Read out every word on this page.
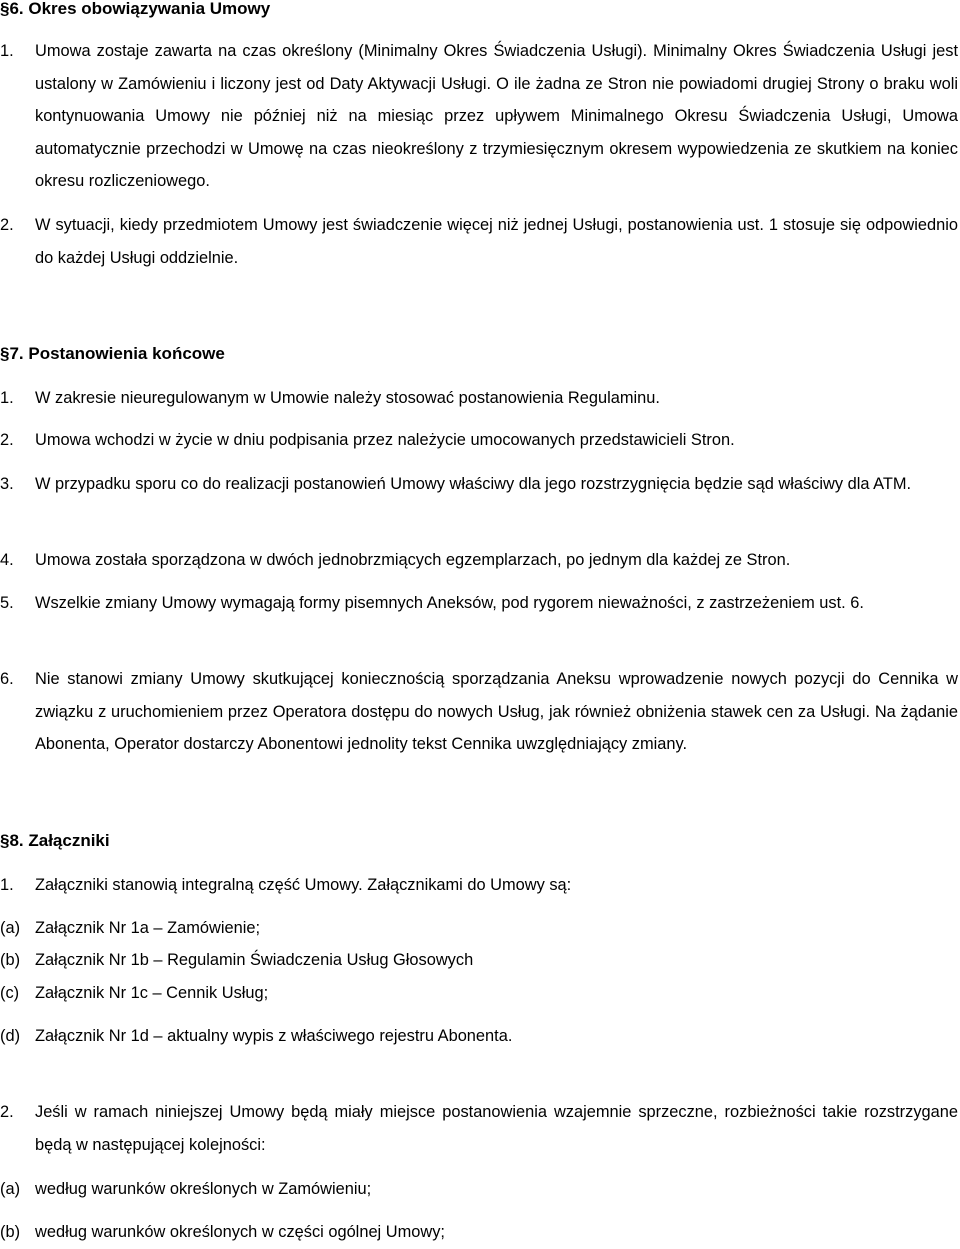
§6. Okres obowiązywania Umowy
1.	Umowa zostaje zawarta na czas określony (Minimalny Okres Świadczenia Usługi). Minimalny Okres Świadczenia Usługi jest ustalony w Zamówieniu i liczony jest od Daty Aktywacji Usługi. O ile żadna ze Stron nie powiadomi drugiej Strony o braku woli kontynuowania Umowy nie później niż na miesiąc przez upływem Minimalnego Okresu Świadczenia Usługi, Umowa automatycznie przechodzi w Umowę na czas nieokreślony z trzymiesięcznym okresem wypowiedzenia ze skutkiem na koniec okresu rozliczeniowego.
2.	W sytuacji, kiedy przedmiotem Umowy jest świadczenie więcej niż jednej Usługi, postanowienia ust. 1 stosuje się odpowiednio do każdej Usługi oddzielnie.
§7. Postanowienia końcowe
1.	W zakresie nieuregulowanym w Umowie należy stosować postanowienia Regulaminu.
2.	Umowa wchodzi w życie w dniu podpisania przez należycie umocowanych przedstawicieli Stron.
3.	W przypadku sporu co do realizacji postanowień Umowy właściwy dla jego rozstrzygnięcia będzie sąd właściwy dla ATM.
4.	Umowa została sporządzona w dwóch jednobrzmiących egzemplarzach, po jednym dla każdej ze Stron.
5.	Wszelkie zmiany Umowy wymagają formy pisemnych Aneksów, pod rygorem nieważności, z zastrzeżeniem ust. 6.
6.	Nie stanowi zmiany Umowy skutkującej koniecznością sporządzania Aneksu wprowadzenie nowych pozycji do Cennika w związku z uruchomieniem przez Operatora dostępu do nowych Usług, jak również obniżenia stawek cen za Usługi. Na żądanie Abonenta, Operator dostarczy Abonentowi jednolity tekst Cennika uwzględniający zmiany.
§8. Załączniki
1.	Załączniki stanowią integralną część Umowy. Załącznikami do Umowy są:
(a) Załącznik Nr 1a – Zamówienie;
(b) Załącznik Nr 1b – Regulamin Świadczenia Usług Głosowych
(c) Załącznik Nr 1c – Cennik Usług;
(d) Załącznik Nr 1d – aktualny wypis z właściwego rejestru Abonenta.
2.	Jeśli w ramach niniejszej Umowy będą miały miejsce postanowienia wzajemnie sprzeczne, rozbieżności takie rozstrzygane będą w następującej kolejności:
(a) według warunków określonych w Zamówieniu;
(b) według warunków określonych w części ogólnej Umowy;
